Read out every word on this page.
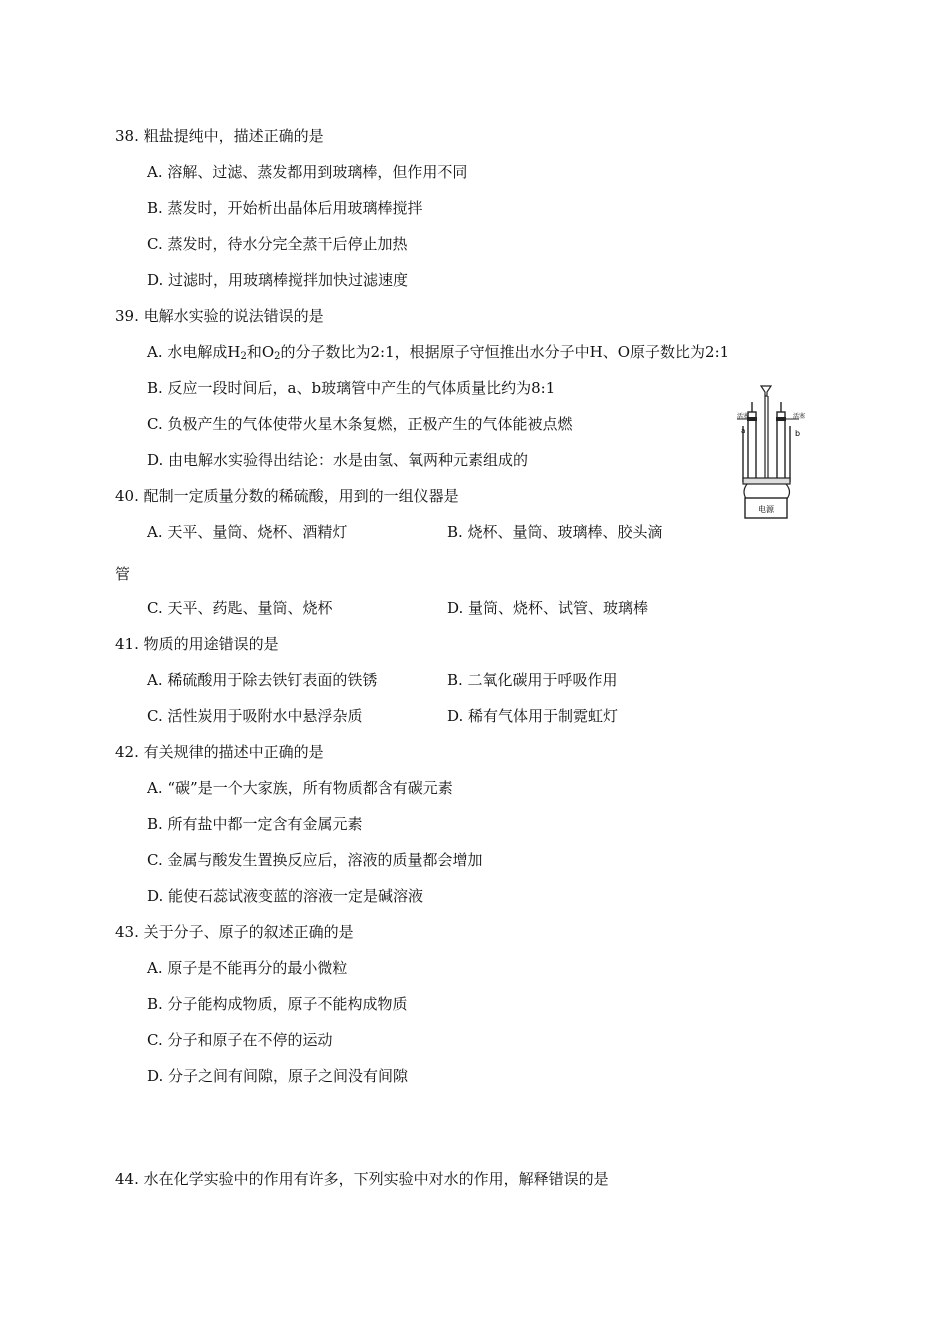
38. 粗盐提纯中，描述正确的是
A. 溶解、过滤、蒸发都用到玻璃棒，但作用不同
B. 蒸发时，开始析出晶体后用玻璃棒搅拌
C. 蒸发时，待水分完全蒸干后停止加热
D. 过滤时，用玻璃棒搅拌加快过滤速度
39. 电解水实验的说法错误的是
A. 水电解成$H_2$和$O_2$的分子数比为2:1，根据原子守恒推出水分子中H、O原子数比为2:1
B. 反应一段时间后，a、b玻璃管中产生的气体质量比约为8:1
C. 负极产生的气体使带火星木条复燃，正极产生的气体能被点燃
D. 由电解水实验得出结论：水是由氢、氧两种元素组成的
活塞	活塞
a	b
电源
40. 配制一定质量分数的稀硫酸，用到的一组仪器是
A. 天平、量筒、烧杯、酒精灯	B. 烧杯、量筒、玻璃棒、胶头滴
管
C. 天平、药匙、量筒、烧杯	D. 量筒、烧杯、试管、玻璃棒
41. 物质的用途错误的是
A. 稀硫酸用于除去铁钉表面的铁锈	B. 二氧化碳用于呼吸作用
C. 活性炭用于吸附水中悬浮杂质	D. 稀有气体用于制霓虹灯
42. 有关规律的描述中正确的是
A. “碳”是一个大家族，所有物质都含有碳元素
B. 所有盐中都一定含有金属元素
C. 金属与酸发生置换反应后，溶液的质量都会增加
D. 能使石蕊试液变蓝的溶液一定是碱溶液
43. 关于分子、原子的叙述正确的是
A. 原子是不能再分的最小微粒
B. 分子能构成物质，原子不能构成物质
C. 分子和原子在不停的运动
D. 分子之间有间隙，原子之间没有间隙
44. 水在化学实验中的作用有许多，下列实验中对水的作用，解释错误的是
